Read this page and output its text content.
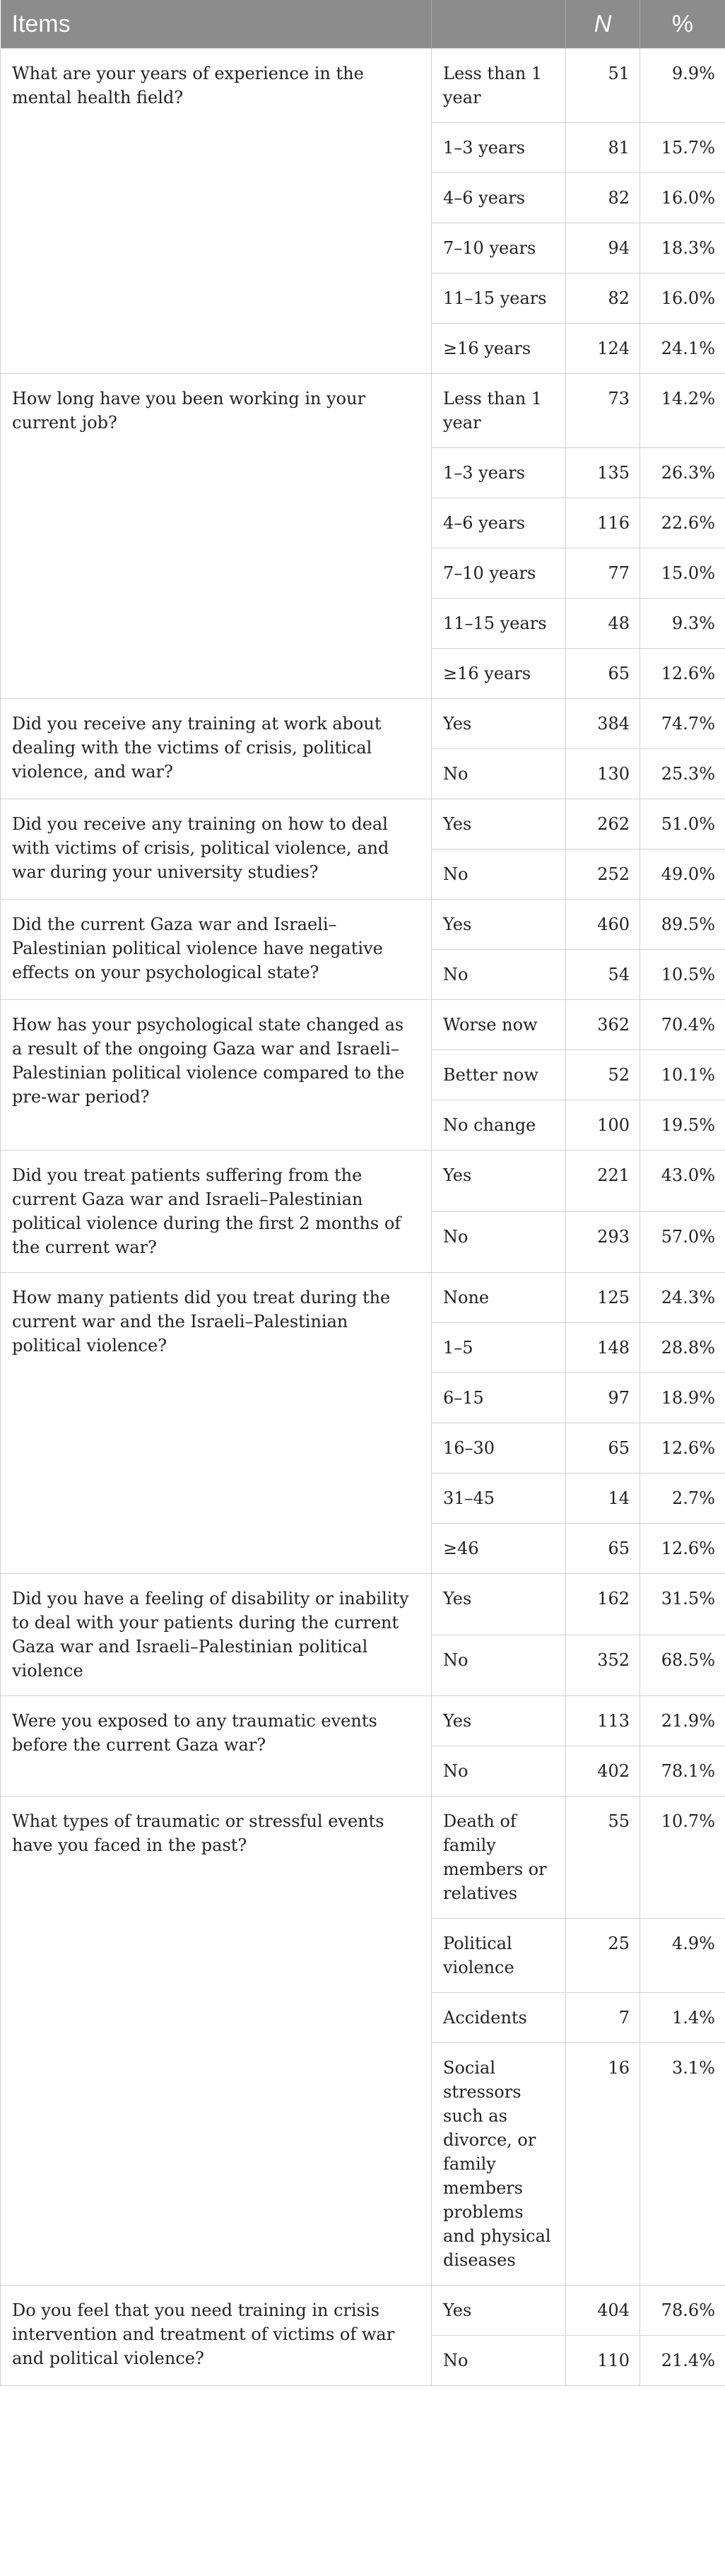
Items		N	%
What are your years of experience in the mental health field?	Less than 1 year	51	9.9%
	1–3 years	81	15.7%
	4–6 years	82	16.0%
	7–10 years	94	18.3%
	11–15 years	82	16.0%
	≥16 years	124	24.1%
How long have you been working in your current job?	Less than 1 year	73	14.2%
	1–3 years	135	26.3%
	4–6 years	116	22.6%
	7–10 years	77	15.0%
	11–15 years	48	9.3%
	≥16 years	65	12.6%
Did you receive any training at work about dealing with the victims of crisis, political violence, and war?	Yes	384	74.7%
	No	130	25.3%
Did you receive any training on how to deal with victims of crisis, political violence, and war during your university studies?	Yes	262	51.0%
	No	252	49.0%
Did the current Gaza war and Israeli–Palestinian political violence have negative effects on your psychological state?	Yes	460	89.5%
	No	54	10.5%
How has your psychological state changed as a result of the ongoing Gaza war and Israeli–Palestinian political violence compared to the pre-war period?	Worse now	362	70.4%
	Better now	52	10.1%
	No change	100	19.5%
Did you treat patients suffering from the current Gaza war and Israeli–Palestinian political violence during the first 2 months of the current war?	Yes	221	43.0%
	No	293	57.0%
How many patients did you treat during the current war and the Israeli–Palestinian political violence?	None	125	24.3%
	1–5	148	28.8%
	6–15	97	18.9%
	16–30	65	12.6%
	31–45	14	2.7%
	≥46	65	12.6%
Did you have a feeling of disability or inability to deal with your patients during the current Gaza war and Israeli–Palestinian political violence	Yes	162	31.5%
	No	352	68.5%
Were you exposed to any traumatic events before the current Gaza war?	Yes	113	21.9%
	No	402	78.1%
What types of traumatic or stressful events have you faced in the past?	Death of family members or relatives	55	10.7%
	Political violence	25	4.9%
	Accidents	7	1.4%
	Social stressors such as divorce, or family members problems and physical diseases	16	3.1%
Do you feel that you need training in crisis intervention and treatment of victims of war and political violence?	Yes	404	78.6%
	No	110	21.4%
